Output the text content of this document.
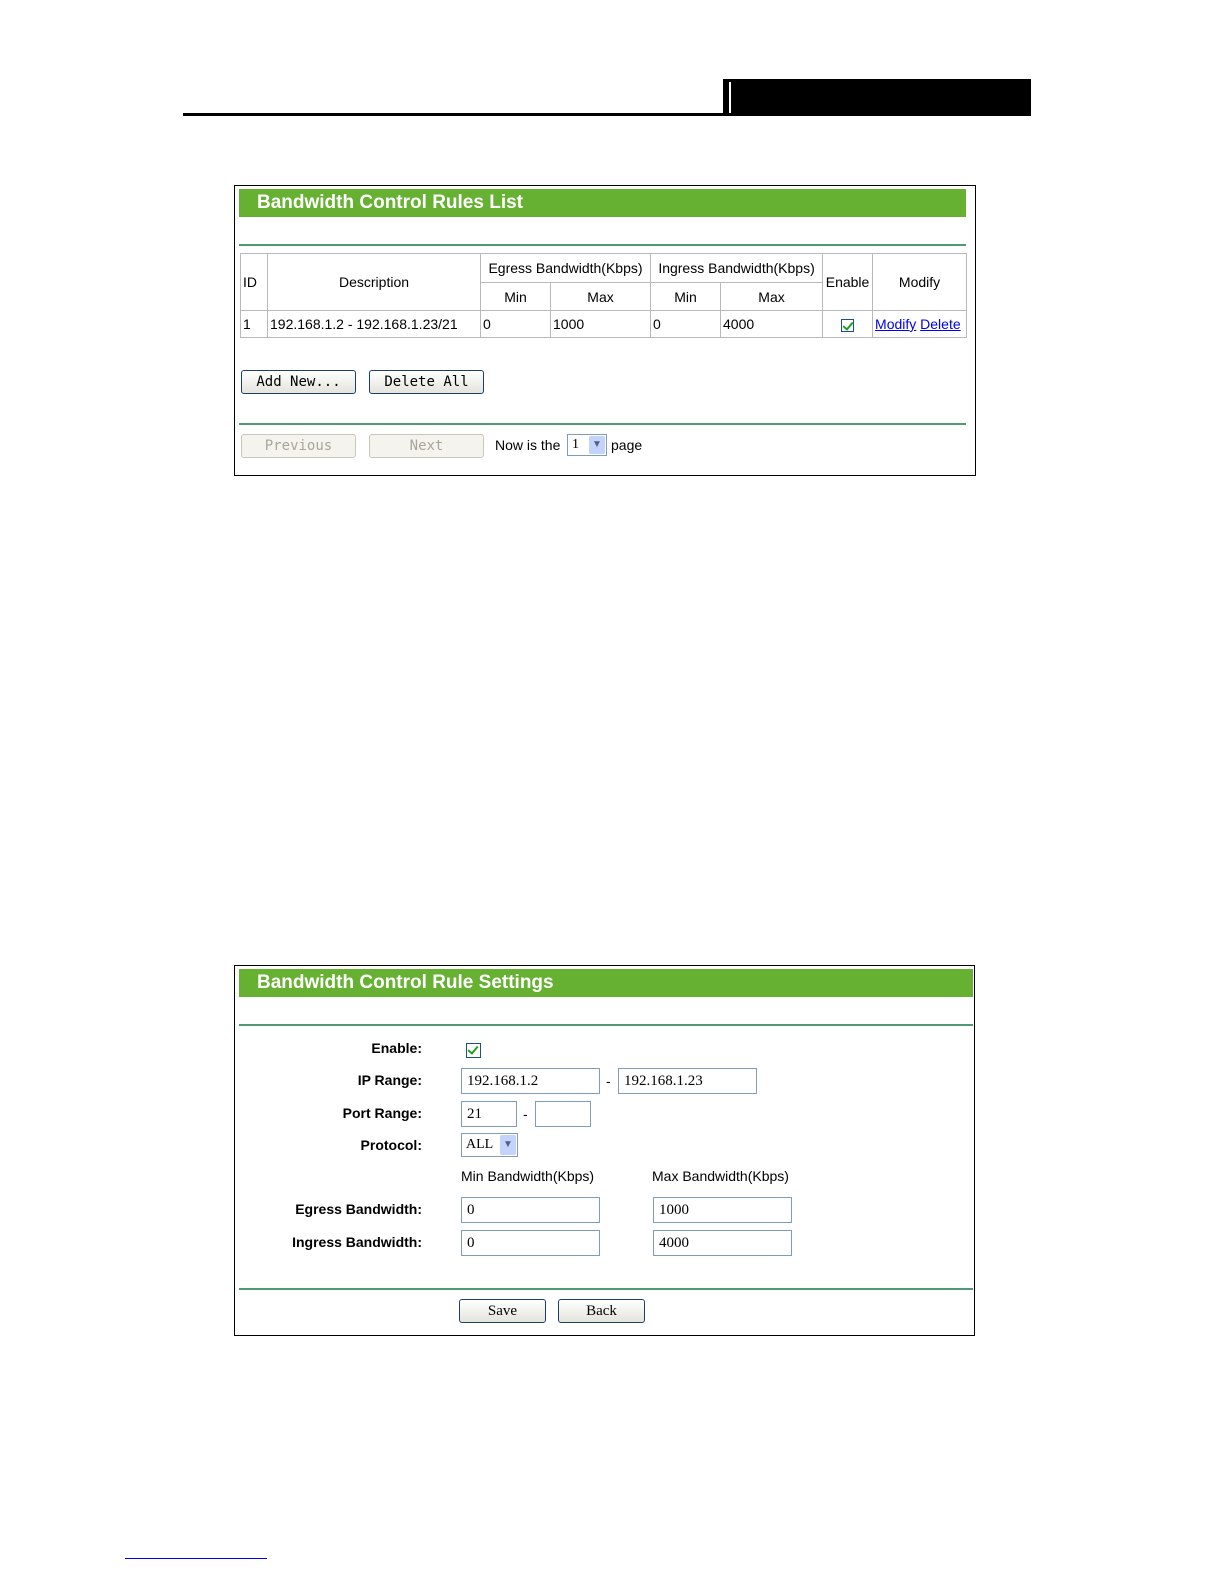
Bandwidth Control Rules List
ID	Description	Egress Bandwidth(Kbps)		Ingress Bandwidth(Kbps)		Enable	Modify
		Min	Max	Min	Max		
1	192.168.1.2 - 192.168.1.23/21	0	1000	0	4000		Modify Delete
Add New...	Delete All
Previous	Next	Now is the 1	▼ page
Bandwidth Control Rule Settings
Enable:
IP Range:	192.168.1.2	- 192.168.1.23
Port Range:	21	-
Protocol:	ALL ▼
Min Bandwidth(Kbps)	Max Bandwidth(Kbps)
Egress Bandwidth:	0	1000
Ingress Bandwidth:	0	4000
Save	Back
